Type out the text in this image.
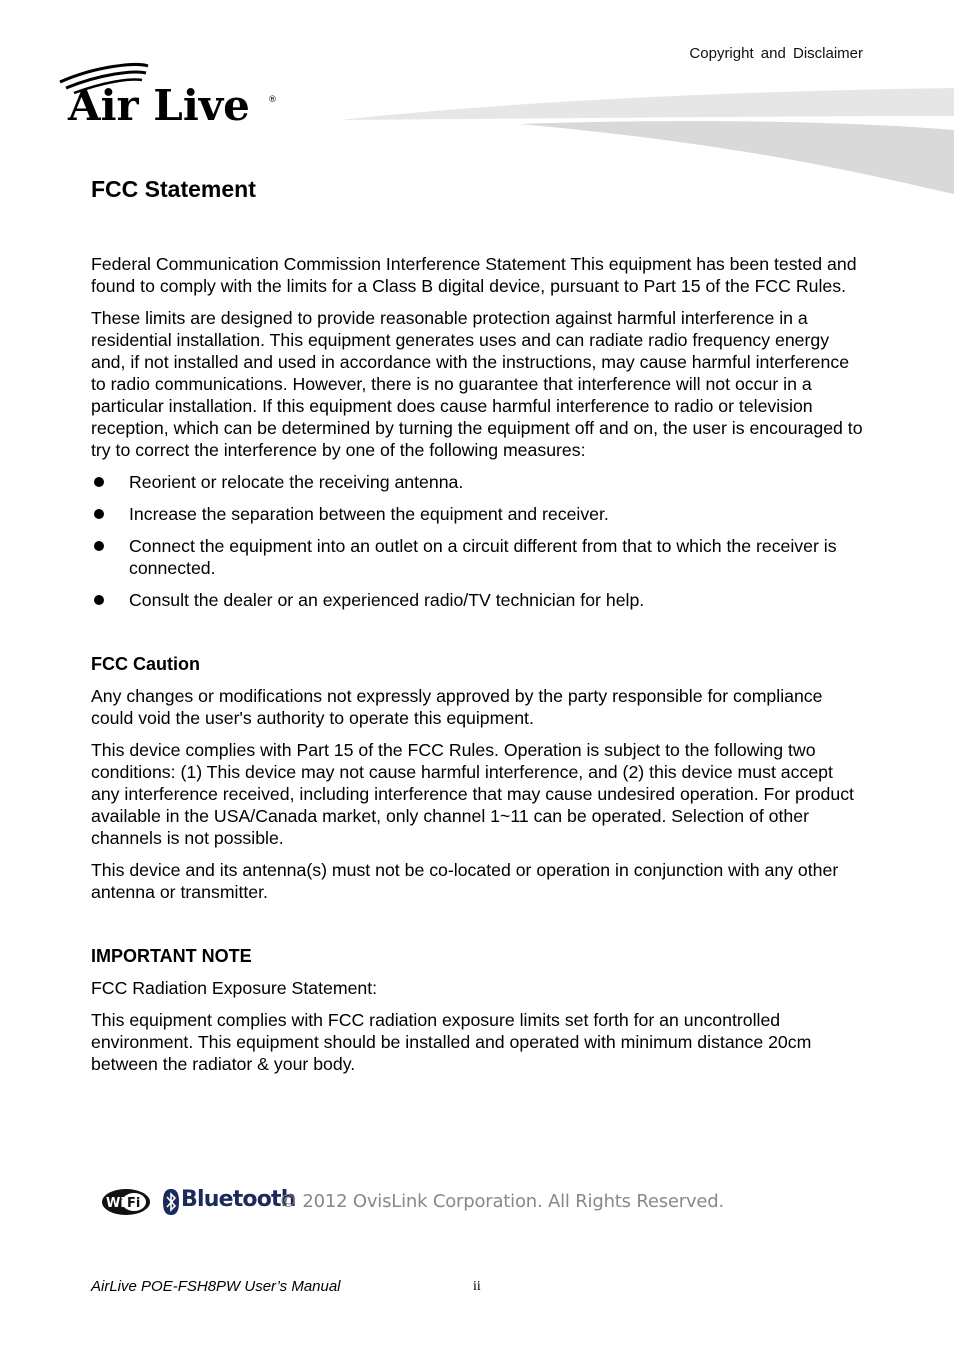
Copyright and Disclaimer
Air Live ®
FCC Statement

Federal Communication Commission Interference Statement This equipment has been tested and found to comply with the limits for a Class B digital device, pursuant to Part 15 of the FCC Rules.

These limits are designed to provide reasonable protection against harmful interference in a residential installation. This equipment generates uses and can radiate radio frequency energy and, if not installed and used in accordance with the instructions, may cause harmful interference to radio communications. However, there is no guarantee that interference will not occur in a particular installation. If this equipment does cause harmful interference to radio or television reception, which can be determined by turning the equipment off and on, the user is encouraged to try to correct the interference by one of the following measures:

Reorient or relocate the receiving antenna.
Increase the separation between the equipment and receiver.
Connect the equipment into an outlet on a circuit different from that to which the receiver is connected.
Consult the dealer or an experienced radio/TV technician for help.
FCC Caution

Any changes or modifications not expressly approved by the party responsible for compliance could void the user's authority to operate this equipment.

This device complies with Part 15 of the FCC Rules. Operation is subject to the following two conditions: (1) This device may not cause harmful interference, and (2) this device must accept any interference received, including interference that may cause undesired operation. For product available in the USA/Canada market, only channel 1~11 can be operated. Selection of other channels is not possible.

This device and its antenna(s) must not be co-located or operation in conjunction with any other antenna or transmitter.

IMPORTANT NOTE

FCC Radiation Exposure Statement:

This equipment complies with FCC radiation exposure limits set forth for an uncontrolled environment. This equipment should be installed and operated with minimum distance 20cm between the radiator & your body.

Wi Fi Bluetooth
© 2012 OvisLink Corporation. All Rights Reserved.
AirLive POE-FSH8PW User’s Manual	ii
